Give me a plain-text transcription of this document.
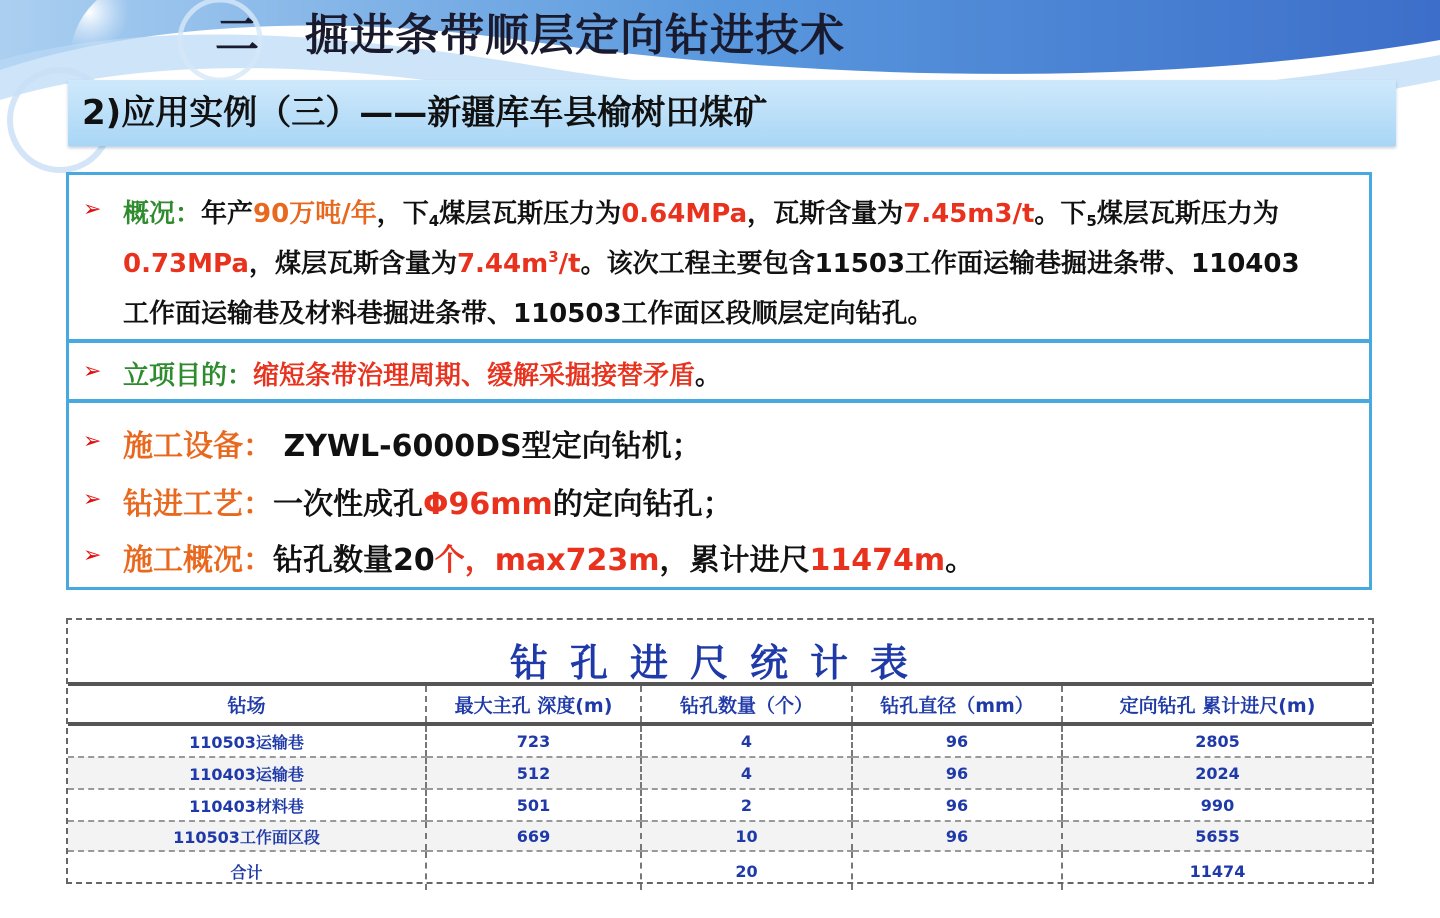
二 掘进条带顺层定向钻进技术
2)应用实例（三）——新疆库车县榆树田煤矿
➢ 概况：年产90万吨/年，下$_4$煤层瓦斯压力为0.64MPa，瓦斯含量为7.45m3/t。下$_5$煤层瓦斯压力为
0.73MPa，煤层瓦斯含量为$7.44m^3/t$。该次工程主要包含11503工作面运输巷掘进条带、110403
工作面运输巷及材料巷掘进条带、110503工作面区段顺层定向钻孔。
➢ 立项目的：缩短条带治理周期、缓解采掘接替矛盾。
➢ 施工设备： ZYWL-6000DS型定向钻机；
➢ 钻进工艺：一次性成孔Φ96mm的定向钻孔；
➢ 施工概况：钻孔数量20个，max723m，累计进尺11474m。
钻孔进尺统计表
钻场	最大主孔 深度(m)	钻孔数量（个）	钻孔直径（mm）	定向钻孔 累计进尺(m)
110503运输巷	723	4	96	2805
110403运输巷	512	4	96	2024
110403材料巷	501	2	96	990
110503工作面区段	669	10	96	5655
合计		20		11474
